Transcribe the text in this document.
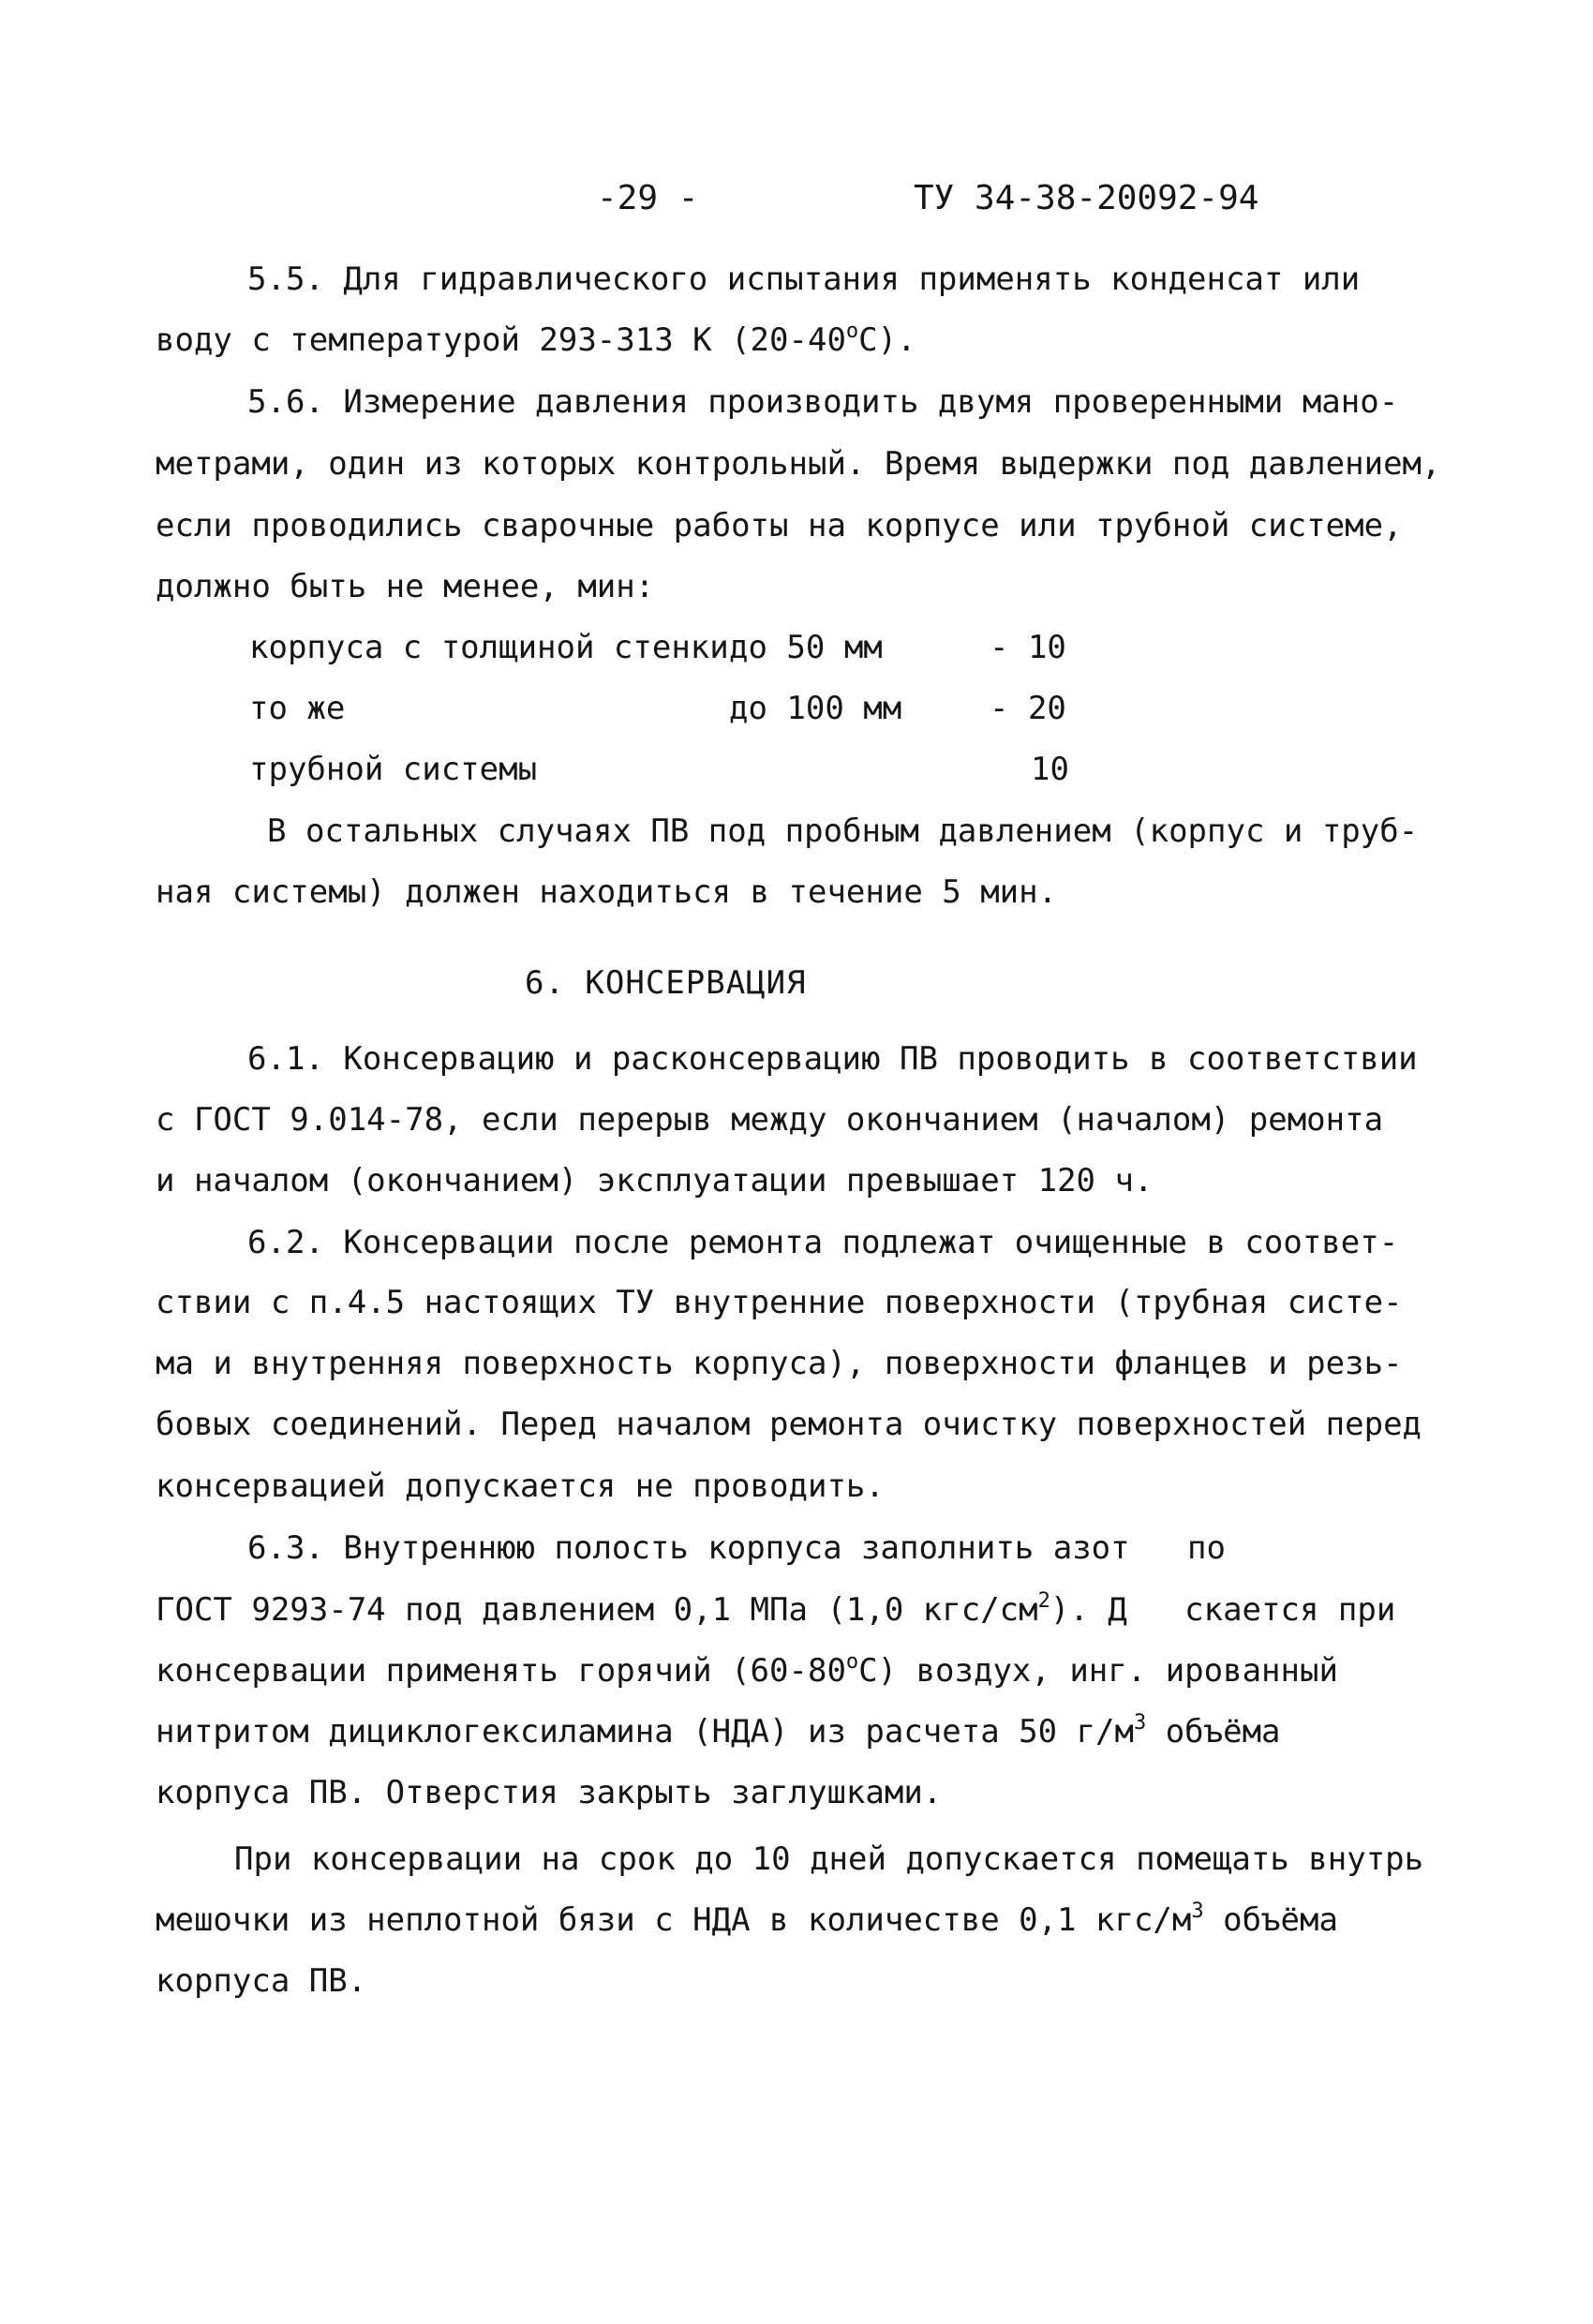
-29 -	ТУ 34-38-20092-94
5.5. Для гидравлического испытания применять конденсат или
воду с температурой 293-313 К (20-40$^o$С).
5.6. Измерение давления производить двумя проверенными мано-
метрами, один из которых контрольный. Время выдержки под давлением,
если проводились сварочные работы на корпусе или трубной системе,
должно быть не менее, мин:
корпуса с толщиной стенки до 50 мм	- 10
то же	до 100 мм	- 20
трубной системы	10
В остальных случаях ПВ под пробным давлением (корпус и труб-
ная системы) должен находиться в течение 5 мин.
6. КОНСЕРВАЦИЯ
6.1. Консервацию и расконсервацию ПВ проводить в соответствии
с ГОСТ 9.014-78, если перерыв между окончанием (началом) ремонта
и началом (окончанием) эксплуатации превышает 120 ч.
6.2. Консервации после ремонта подлежат очищенные в соответ-
ствии с п.4.5 настоящих ТУ внутренние поверхности (трубная систе-
ма и внутренняя поверхность корпуса), поверхности фланцев и резь-
бовых соединений. Перед началом ремонта очистку поверхностей перед
консервацией допускается не проводить.
6.3. Внутреннюю полость корпуса заполнить азот   по
ГОСТ 9293-74 под давлением 0,1 МПа (1,0 кгс/$см^2$). Д   скается при
консервации применять горячий (60-80$^o$С) воздух, инг. ированный
нитритом дициклогексиламина (НДА) из расчета 50 $г/м^3$ объёма
корпуса ПВ. Отверстия закрыть заглушками.
При консервации на срок до 10 дней допускается помещать внутрь
мешочки из неплотной бязи с НДА в количестве 0,1 кгс/$м^3$ объёма
корпуса ПВ.
